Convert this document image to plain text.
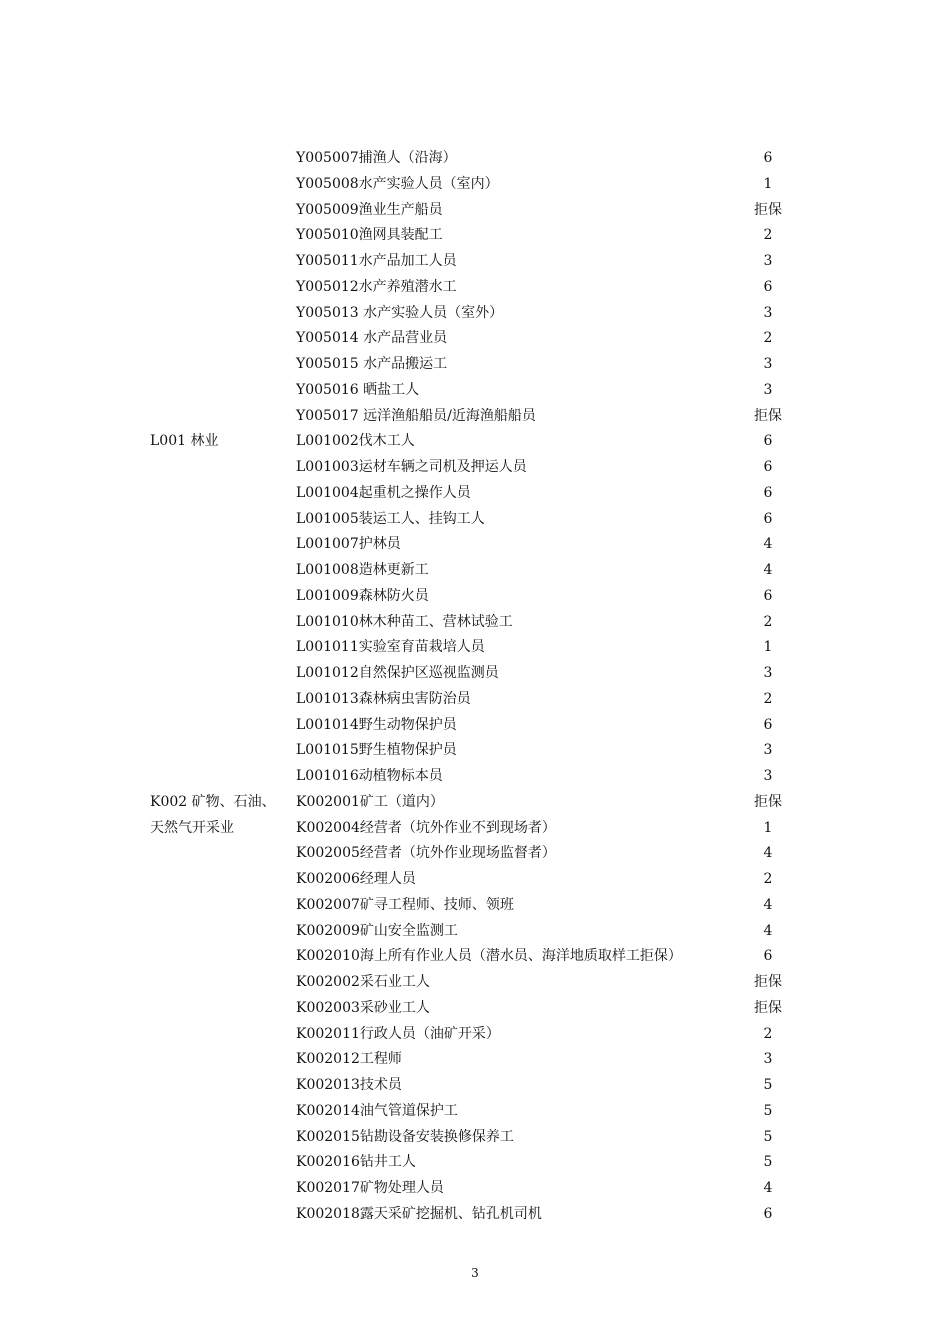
Y005007捕渔人（沿海）	6
Y005008水产实验人员（室内）	1
Y005009渔业生产船员	拒保
Y005010渔网具装配工	2
Y005011水产品加工人员	3
Y005012水产养殖潜水工	6
Y005013 水产实验人员（室外）	3
Y005014 水产品营业员	2
Y005015 水产品搬运工	3
Y005016 晒盐工人	3
Y005017 远洋渔船船员/近海渔船船员	拒保
L001 林业	L001002伐木工人	6
L001003运材车辆之司机及押运人员	6
L001004起重机之操作人员	6
L001005装运工人、挂钩工人	6
L001007护林员	4
L001008造林更新工	4
L001009森林防火员	6
L001010林木种苗工、营林试验工	2
L001011实验室育苗栽培人员	1
L001012自然保护区巡视监测员	3
L001013森林病虫害防治员	2
L001014野生动物保护员	6
L001015野生植物保护员	3
L001016动植物标本员	3
K002 矿物、石油、	K002001矿工（道内）	拒保
天然气开采业	K002004经营者（坑外作业不到现场者）	1
K002005经营者（坑外作业现场监督者）	4
K002006经理人员	2
K002007矿寻工程师、技师、领班	4
K002009矿山安全监测工	4
K002010海上所有作业人员（潜水员、海洋地质取样工拒保）	6
K002002采石业工人	拒保
K002003采砂业工人	拒保
K002011行政人员（油矿开采）	2
K002012工程师	3
K002013技术员	5
K002014油气管道保护工	5
K002015钻勘设备安装换修保养工	5
K002016钻井工人	5
K002017矿物处理人员	4
K002018露天采矿挖掘机、钻孔机司机	6
3
